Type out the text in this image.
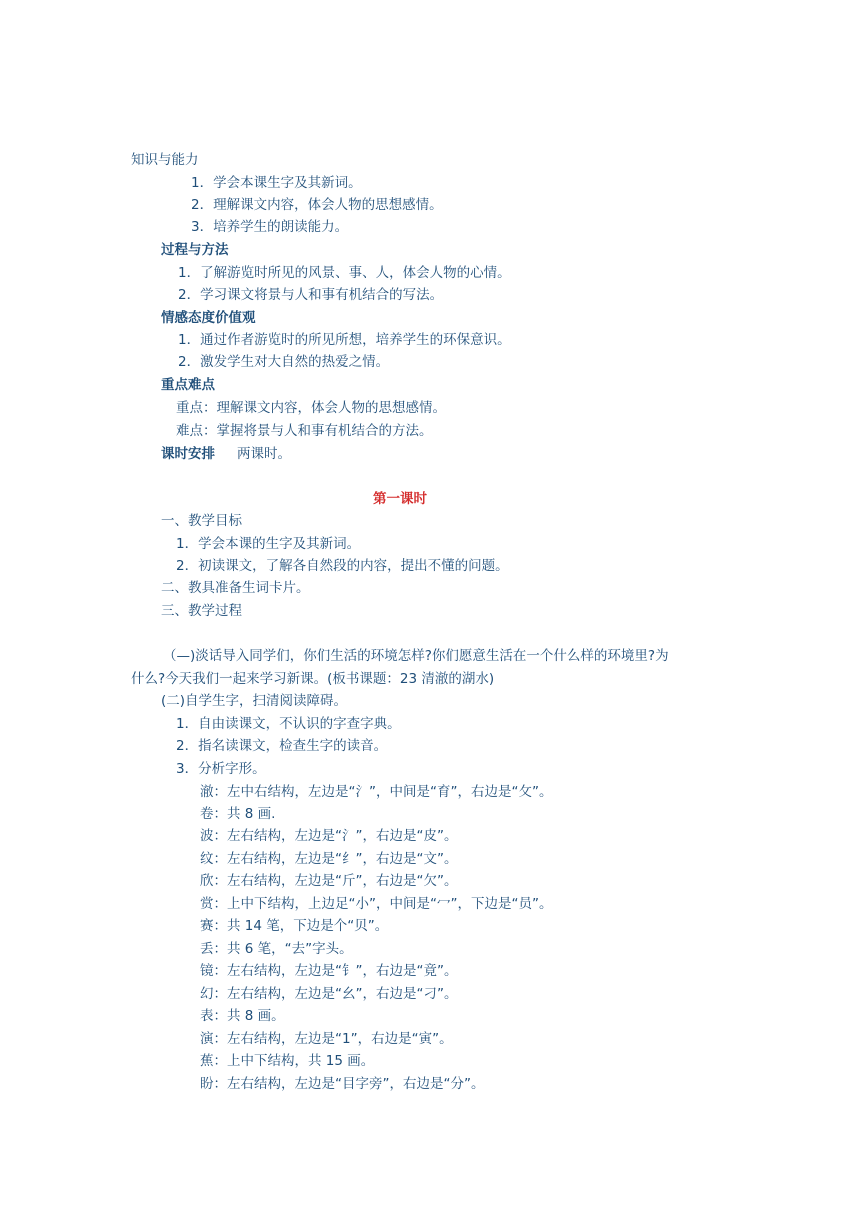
知识与能力
1．学会本课生字及其新词。
2．理解课文内容，体会人物的思想感情。
3．培养学生的朗读能力。
过程与方法
1．了解游览时所见的风景、事、人，体会人物的心情。
2．学习课文将景与人和事有机结合的写法。
情感态度价值观
1．通过作者游览时的所见所想，培养学生的环保意识。
2．激发学生对大自然的热爱之情。
重点难点
重点：理解课文内容，体会人物的思想感情。
难点：掌握将景与人和事有机结合的方法。
课时安排 两课时。
第一课时
一、教学目标
1．学会本课的生字及其新词。
2．初读课文，了解各自然段的内容，提出不懂的问题。
二、教具准备生词卡片。
三、教学过程
（—)淡话导入同学们，你们生活的环境怎样?你们愿意生活在一个什么样的环境里?为
什么?今天我们一起来学习新课。(板书课题：23 清澈的湖水)
(二)自学生字，扫清阅读障碍。
1．自由读课文，不认识的字查字典。
2．指名读课文，检查生字的读音。
3．分析字形。
澈：左中右结构，左边是“氵”，中间是“育”，右边是“攵”。
卷：共 8 画.
波：左右结构，左边是“氵”，右边是“皮”。
纹：左右结构，左边是“纟”，右边是“文”。
欣：左右结构，左边是“斤”，右边是“欠”。
赏：上中下结构，上边足“小”，中间是“冖”，下边是“员”。
赛：共 14 笔，下边是个“贝”。
丢：共 6 笔，“去”字头。
镜：左右结构，左边是“钅”，右边是“竟”。
幻：左右结构，左边是“幺”，右边是“刁”。
表：共 8 画。
演：左右结构，左边是“1”，右边是“寅”。
蕉：上中下结构，共 15 画。
盼：左右结构，左边是“目字旁”，右边是“分”。
